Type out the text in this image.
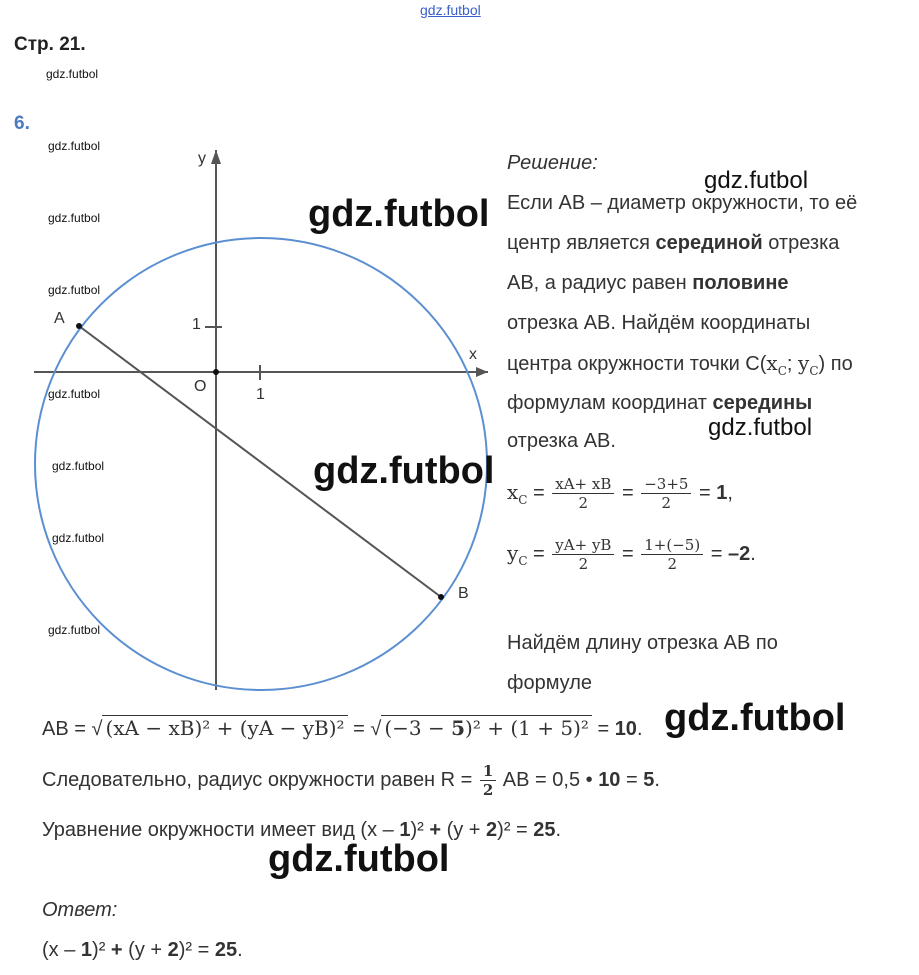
gdz.futbol
Стр. 21.
gdz.futbol
6.
y
x
O	1
1
A
B
gdz.futbol
gdz.futbol
gdz.futbol
gdz.futbol
gdz.futbol
gdz.futbol
gdz.futbol
Решение:
Если AB – диаметр окружности, то её
центр является серединой отрезка
AB, а радиус равен половине
отрезка AB. Найдём координаты
центра окружности точки $C(x_C$; $y_C$) по
формулам координат середины
отрезка AB.
$x_C = \frac{xA+ xB}{2} = \frac{-3+5}{2} = 1$,
$y_C = \frac{yA+ yB}{2} = \frac{1+(-5)}{2} = -2$.
Найдём длину отрезка AB по
формуле
AB = √ (xA − xB)² + (yA − yB)² = √ (−3 − 5)² + (1 + 5)² = 10.
Следовательно, радиус окружности равен $R = \frac{1}{2}$ AB = 0,5 • 10 = 5.
Уравнение окружности имеет вид (x – 1)² + (y + 2)² = 25.
Ответ:
(x – 1)² + (y + 2)² = 25.
gdz.futbol
gdz.futbol
gdz.futbol
gdz.futbol
gdz.futbol
gdz.futbol
